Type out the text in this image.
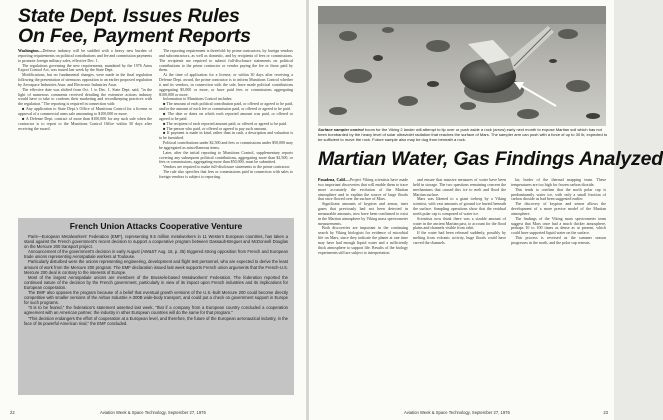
State Dept. Issues Rules
On Fee, Payment Reports

Washington—Defense industry will be saddled with a heavy new burden of reporting requirements on political contributions and fee and commission payments to promote foreign military sales, effective Dec. 1.

The regulations governing the new requirements, mandated by the 1976 Arms Export Control Act, was issued last week by the State Dept.

Modifications, but no fundamental changes, were made in the final regulation following the presentation of strenuous opposition to an earlier proposed regulation by Aerospace Industries Assn. and Electronic Industries Assn.

The effective date was shifted from Oct. 1 to Dec. 1. State Dept. said, "in the light of numerous comments received detailing the extensive actions industry would have to take to conform their marketing and recordkeeping practices with the regulation." The reporting is required in connection with:

■ Any application to State Dept.'s Office of Munitions Control for a license or approval of a commercial arms sale amounting to $100,000 or more.

■ A Defense Dept. contract of more than $100,000 for any such sale when the contractor is to report to the Munitions Control Office within 30 days after receiving the award.

The reporting requirement is threefold: by prime contractors, by foreign vendors and subcontractors, as well as domestic, and by recipients of fees or commissions. The recipients are required to submit full-disclosure statements on political contributions to the prime contractor or vendor paying the fee or those paid by them.

At the time of application for a license, or within 30 days after receiving a Defense Dept. award, the prime contractor is to inform Munitions Control whether it and its vendors, in connection with the sale, have made political contributions aggregating $5,000 or more, or have paid fees or commissions aggregating $100,000 or more.

Information to Munitions Control includes:

■ The amount of each political contribution paid, or offered or agreed to be paid, and/or the amount of each fee or commission paid, or offered or agreed to be paid.

■ The date or dates on which each reported amount was paid, or offered or agreed to be paid.

■ The recipient of each reported amount paid, or offered or agreed to be paid.

■ The person who paid, or offered or agreed to pay such amount.

■ If payment is made in kind, rather than in cash, a description and valuation is to be furnished.

Political contributions under $2,500 and fees or commissions under $50,000 may be aggregated as miscellaneous items.

Later, after the initial reporting to Munitions Control, supplementary reports covering any subsequent political contributions, aggregating more than $2,500, or fees or commissions, aggregating more than $50,000, must be submitted.

Vendors are required to make full-disclosure statements to the prime contractor.

The rule also specifies that fees or commissions paid in connection with sales to foreign vendors is subject to reporting.

French Union Attacks Cooperative Venture

Paris—European Metalworkers' Federation (EMF), representing 8.5 million metalworkers in 11 Western European countries, has taken a stand against the French government's recent decision to support a cooperative program between Dassault-Breguet and McDonnell Douglas on the Mercure 200 transport project.

Announcement of the government's decision in early August (AW&ST Aug. 16, p. 35) triggered strong opposition from French and European trade unions representing Aerospatiale workers at Toulouse.

Particularly disturbed were the unions representing engineering, development and flight test personnel, who are expected to derive the least amount of work from the Mercure 200 program. The EMF declaration issued last week supports French union arguments that the French-U.S. Mercure 200 deal is contrary to the interests of Europe.

Most of the largest Aerospatiale unions are members of the Brussels-based Metalworkers' Federation. The federation reported the continued nature of the decision by the French government, particularly in view of its impact upon French industries and its implications for European cooperation.

The EMF also opposes the program because of a belief that eventual growth versions of the U.S.-built Mercure 200 could become directly competitive with smaller versions of the Airbus Industrie A-300B wide-body transport, and could put a check on government support in Europe for such programs.

"It is to be feared," the federation's statement asserted last week, "that if a company from a European country concluded a cooperation agreement with an American partner, the industry in other European countries will do the same for that program."

"This decision endangers the effort of cooperation at a European level, and therefore, the future of the European aeronautical industry, in the face of its powerful American rival," the EMF concluded.

22	Aviation Week & Space Technology, September 27, 1976
Surface sampler control boom for the Viking 2 lander will attempt to tip over or push aside a rock (arrow) early next month to expose Martian soil which has not been bombarded by the heavy level of solar ultraviolet radiation that reaches the surface of Mars. The sampler arm can push with a force of up to 30 lb, expected to be sufficient to move the rock. Future sample also may be dug from beneath a rock.
Martian Water, Gas Findings Analyzed

Pasadena, Calif.—Project Viking scientists have made two important discoveries that will enable them to trace more accurately the evolution of the Martian atmosphere and to explain the source of large floods that once flowed over the surface of Mars.

Significant amounts of krypton and xenon, inert gases that previously had not been detected in measurable amounts, now have been confirmed to exist in the Martian atmosphere by Viking mass spectrometer measurements.

Both discoveries are important in the continuing search by Viking biologists for evidence of microbial life on Mars, since they indicate the planet at one time may have had enough liquid water and a sufficiently thick atmosphere to support life. Results of the biology experiments still are subject to interpretation.

and ensure that massive measures of water have been held in storage. The two questions remaining concern the mechanisms that caused this ice to melt and flood the Martian surface.

Mars was likened to a giant iceberg by a Viking scientist, with vast amounts of ground ice buried beneath the surface. Sampling operations show that the residual north polar cap is composed of water ice.

Scientists now think there was a sizable amount of water in the ancient Martian past, to account for the flood plains and channels visible from orbit.

If the water had been released suddenly, possibly by melting from volcanic activity, huge floods could have carved the channels.

lar, leader of the thermal mapping team. These temperatures are too high for frozen carbon dioxide.

This tends to confirm that the north polar cap is predominantly water ice, with only a small fraction of carbon dioxide as had been suggested earlier.

The discovery of krypton and xenon allows the development of a more precise model of the Martian atmosphere.

The findings of the Viking mass spectrometer team suggest that Mars once had a much thicker atmosphere, perhaps 10 to 100 times as dense as at present, which could have supported liquid water on the surface.

This process is reversed as the summer season progresses in the north, and the polar cap retreats.

Aviation Week & Space Technology, September 27, 1976	23
